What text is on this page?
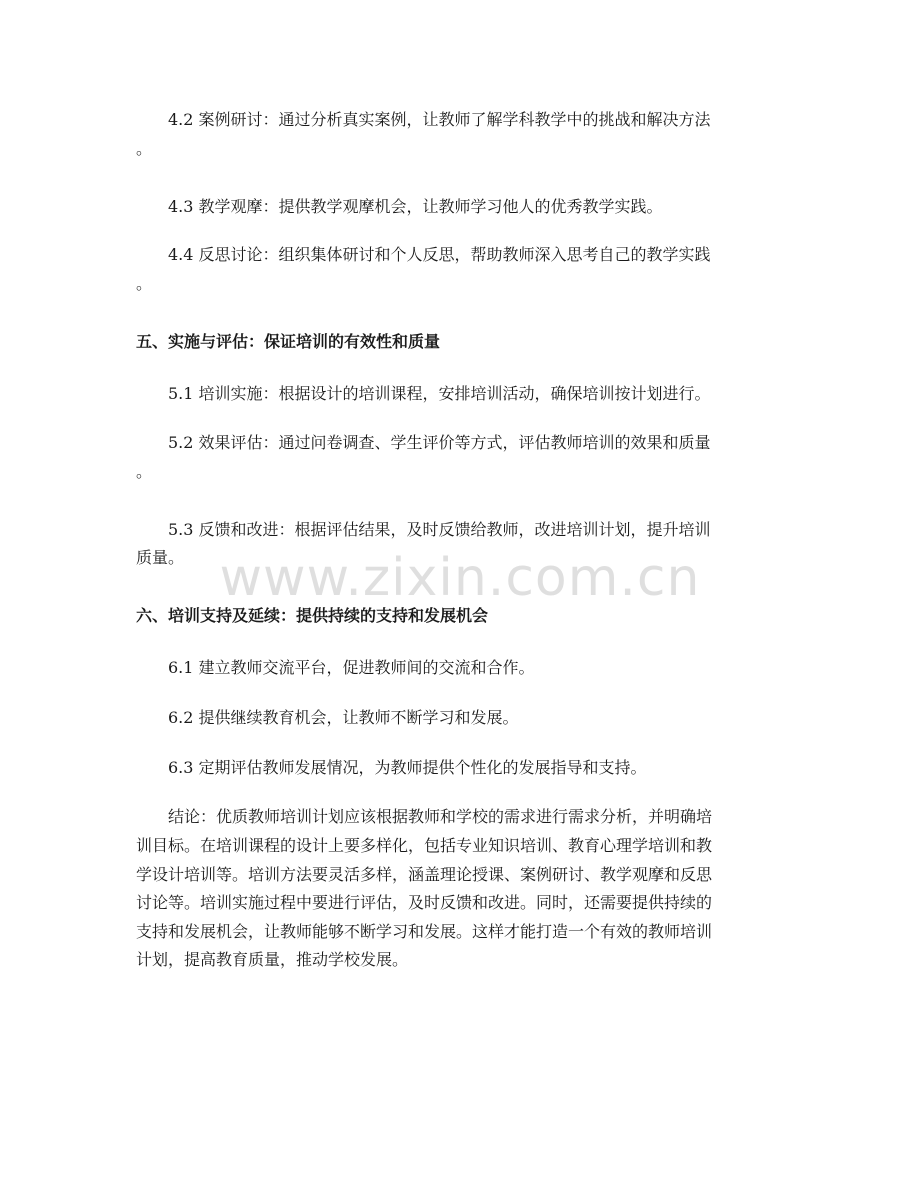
4.2 案例研讨：通过分析真实案例，让教师了解学科教学中的挑战和解决方法
。
4.3 教学观摩：提供教学观摩机会，让教师学习他人的优秀教学实践。
4.4 反思讨论：组织集体研讨和个人反思，帮助教师深入思考自己的教学实践
。
五、实施与评估：保证培训的有效性和质量
5.1 培训实施：根据设计的培训课程，安排培训活动，确保培训按计划进行。
5.2 效果评估：通过问卷调查、学生评价等方式，评估教师培训的效果和质量
。
5.3 反馈和改进：根据评估结果，及时反馈给教师，改进培训计划，提升培训
质量。 www.zixin.com.cn
六、培训支持及延续：提供持续的支持和发展机会
6.1 建立教师交流平台，促进教师间的交流和合作。
6.2 提供继续教育机会，让教师不断学习和发展。
6.3 定期评估教师发展情况，为教师提供个性化的发展指导和支持。
结论：优质教师培训计划应该根据教师和学校的需求进行需求分析，并明确培
训目标。在培训课程的设计上要多样化，包括专业知识培训、教育心理学培训和教
学设计培训等。培训方法要灵活多样，涵盖理论授课、案例研讨、教学观摩和反思
讨论等。培训实施过程中要进行评估，及时反馈和改进。同时，还需要提供持续的
支持和发展机会，让教师能够不断学习和发展。这样才能打造一个有效的教师培训
计划，提高教育质量，推动学校发展。
